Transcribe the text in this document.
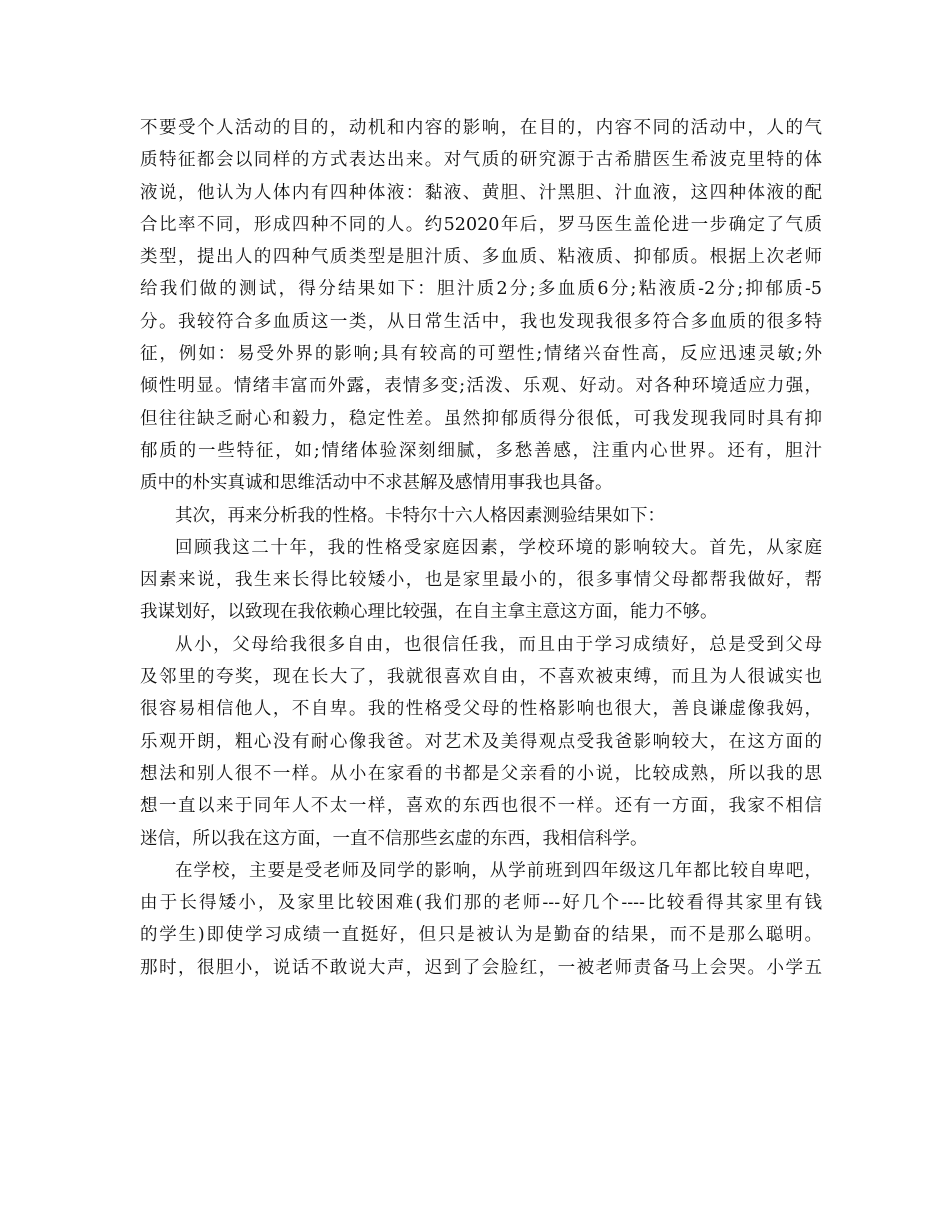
不要受个人活动的目的，动机和内容的影响，在目的，内容不同的活动中，人的气
质特征都会以同样的方式表达出来。对气质的研究源于古希腊医生希波克里特的体
液说，他认为人体内有四种体液：黏液、黄胆、汁黑胆、汁血液，这四种体液的配
合比率不同，形成四种不同的人。约52020年后，罗马医生盖伦进一步确定了气质
类型，提出人的四种气质类型是胆汁质、多血质、粘液质、抑郁质。根据上次老师
给我们做的测试，得分结果如下：胆汁质2分;多血质6分;粘液质-2分;抑郁质-5
分。我较符合多血质这一类，从日常生活中，我也发现我很多符合多血质的很多特
征，例如：易受外界的影响;具有较高的可塑性;情绪兴奋性高，反应迅速灵敏;外
倾性明显。情绪丰富而外露，表情多变;活泼、乐观、好动。对各种环境适应力强，
但往往缺乏耐心和毅力，稳定性差。虽然抑郁质得分很低，可我发现我同时具有抑
郁质的一些特征，如;情绪体验深刻细腻，多愁善感，注重内心世界。还有，胆汁
质中的朴实真诚和思维活动中不求甚解及感情用事我也具备。
其次，再来分析我的性格。卡特尔十六人格因素测验结果如下：
回顾我这二十年，我的性格受家庭因素，学校环境的影响较大。首先，从家庭
因素来说，我生来长得比较矮小，也是家里最小的，很多事情父母都帮我做好，帮
我谋划好，以致现在我依赖心理比较强，在自主拿主意这方面，能力不够。
从小，父母给我很多自由，也很信任我，而且由于学习成绩好，总是受到父母
及邻里的夸奖，现在长大了，我就很喜欢自由，不喜欢被束缚，而且为人很诚实也
很容易相信他人，不自卑。我的性格受父母的性格影响也很大，善良谦虚像我妈，
乐观开朗，粗心没有耐心像我爸。对艺术及美得观点受我爸影响较大，在这方面的
想法和别人很不一样。从小在家看的书都是父亲看的小说，比较成熟，所以我的思
想一直以来于同年人不太一样，喜欢的东西也很不一样。还有一方面，我家不相信
迷信，所以我在这方面，一直不信那些玄虚的东西，我相信科学。
在学校，主要是受老师及同学的影响，从学前班到四年级这几年都比较自卑吧，
由于长得矮小，及家里比较困难(我们那的老师---好几个----比较看得其家里有钱
的学生)即使学习成绩一直挺好，但只是被认为是勤奋的结果，而不是那么聪明。
那时，很胆小，说话不敢说大声，迟到了会脸红，一被老师责备马上会哭。小学五
